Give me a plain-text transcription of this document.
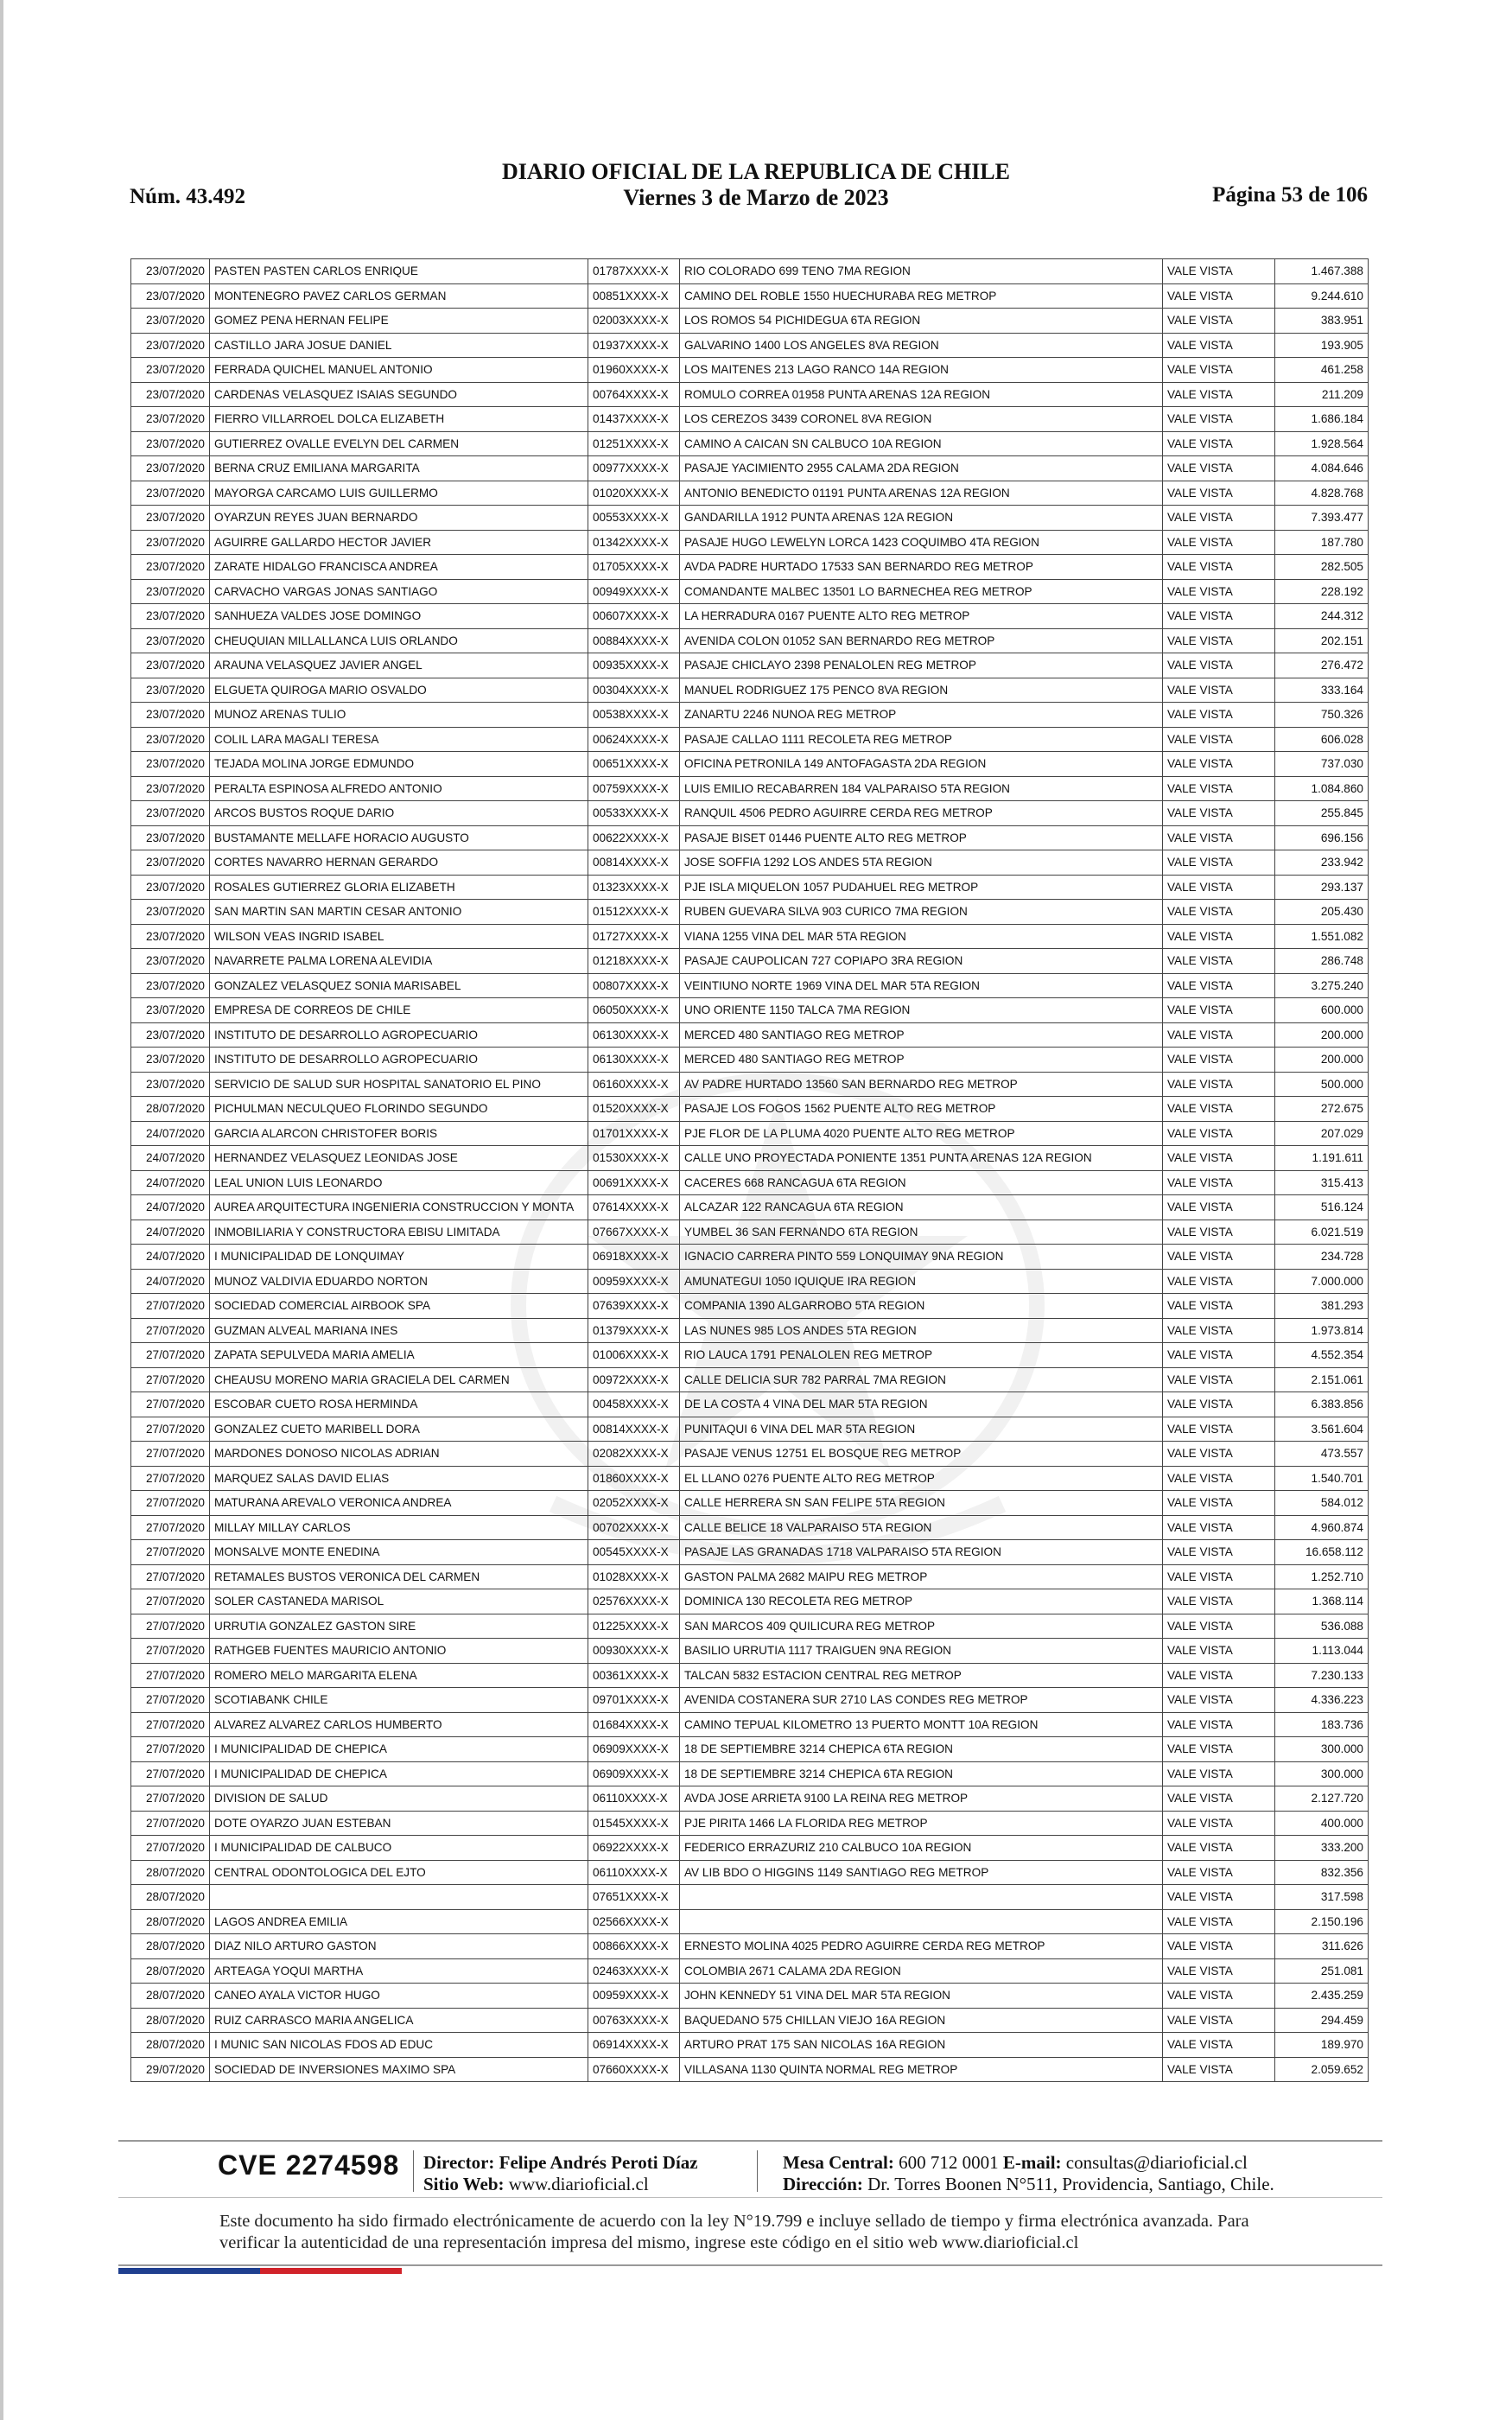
DIARIO OFICIAL DE LA REPUBLICA DE CHILE
Núm. 43.492	Viernes 3 de Marzo de 2023	Página 53 de 106
23/07/2020	PASTEN PASTEN CARLOS ENRIQUE	01787XXXX-X	RIO COLORADO 699 TENO 7MA REGION	VALE VISTA	1.467.388
23/07/2020	MONTENEGRO PAVEZ CARLOS GERMAN	00851XXXX-X	CAMINO DEL ROBLE 1550 HUECHURABA REG METROP	VALE VISTA	9.244.610
23/07/2020	GOMEZ PENA HERNAN FELIPE	02003XXXX-X	LOS ROMOS 54 PICHIDEGUA 6TA REGION	VALE VISTA	383.951
23/07/2020	CASTILLO JARA JOSUE DANIEL	01937XXXX-X	GALVARINO 1400 LOS ANGELES 8VA REGION	VALE VISTA	193.905
23/07/2020	FERRADA QUICHEL MANUEL ANTONIO	01960XXXX-X	LOS MAITENES 213 LAGO RANCO 14A REGION	VALE VISTA	461.258
23/07/2020	CARDENAS VELASQUEZ ISAIAS SEGUNDO	00764XXXX-X	ROMULO CORREA 01958 PUNTA ARENAS 12A REGION	VALE VISTA	211.209
23/07/2020	FIERRO VILLARROEL DOLCA ELIZABETH	01437XXXX-X	LOS CEREZOS 3439 CORONEL 8VA REGION	VALE VISTA	1.686.184
23/07/2020	GUTIERREZ OVALLE EVELYN DEL CARMEN	01251XXXX-X	CAMINO A CAICAN SN CALBUCO 10A REGION	VALE VISTA	1.928.564
23/07/2020	BERNA CRUZ EMILIANA MARGARITA	00977XXXX-X	PASAJE YACIMIENTO 2955 CALAMA 2DA REGION	VALE VISTA	4.084.646
23/07/2020	MAYORGA CARCAMO LUIS GUILLERMO	01020XXXX-X	ANTONIO BENEDICTO 01191 PUNTA ARENAS 12A REGION	VALE VISTA	4.828.768
23/07/2020	OYARZUN REYES JUAN BERNARDO	00553XXXX-X	GANDARILLA 1912 PUNTA ARENAS 12A REGION	VALE VISTA	7.393.477
23/07/2020	AGUIRRE GALLARDO HECTOR JAVIER	01342XXXX-X	PASAJE HUGO LEWELYN LORCA 1423 COQUIMBO 4TA REGION	VALE VISTA	187.780
23/07/2020	ZARATE HIDALGO FRANCISCA ANDREA	01705XXXX-X	AVDA PADRE HURTADO 17533 SAN BERNARDO REG METROP	VALE VISTA	282.505
23/07/2020	CARVACHO VARGAS JONAS SANTIAGO	00949XXXX-X	COMANDANTE MALBEC 13501 LO BARNECHEA REG METROP	VALE VISTA	228.192
23/07/2020	SANHUEZA VALDES JOSE DOMINGO	00607XXXX-X	LA HERRADURA 0167 PUENTE ALTO REG METROP	VALE VISTA	244.312
23/07/2020	CHEUQUIAN MILLALLANCA LUIS ORLANDO	00884XXXX-X	AVENIDA COLON 01052 SAN BERNARDO REG METROP	VALE VISTA	202.151
23/07/2020	ARAUNA VELASQUEZ JAVIER ANGEL	00935XXXX-X	PASAJE CHICLAYO 2398 PENALOLEN REG METROP	VALE VISTA	276.472
23/07/2020	ELGUETA QUIROGA MARIO OSVALDO	00304XXXX-X	MANUEL RODRIGUEZ 175 PENCO 8VA REGION	VALE VISTA	333.164
23/07/2020	MUNOZ ARENAS TULIO	00538XXXX-X	ZANARTU 2246 NUNOA REG METROP	VALE VISTA	750.326
23/07/2020	COLIL LARA MAGALI TERESA	00624XXXX-X	PASAJE CALLAO 1111 RECOLETA REG METROP	VALE VISTA	606.028
23/07/2020	TEJADA MOLINA JORGE EDMUNDO	00651XXXX-X	OFICINA PETRONILA 149 ANTOFAGASTA 2DA REGION	VALE VISTA	737.030
23/07/2020	PERALTA ESPINOSA ALFREDO ANTONIO	00759XXXX-X	LUIS EMILIO RECABARREN 184 VALPARAISO 5TA REGION	VALE VISTA	1.084.860
23/07/2020	ARCOS BUSTOS ROQUE DARIO	00533XXXX-X	RANQUIL 4506 PEDRO AGUIRRE CERDA REG METROP	VALE VISTA	255.845
23/07/2020	BUSTAMANTE MELLAFE HORACIO AUGUSTO	00622XXXX-X	PASAJE BISET 01446 PUENTE ALTO REG METROP	VALE VISTA	696.156
23/07/2020	CORTES NAVARRO HERNAN GERARDO	00814XXXX-X	JOSE SOFFIA 1292 LOS ANDES 5TA REGION	VALE VISTA	233.942
23/07/2020	ROSALES GUTIERREZ GLORIA ELIZABETH	01323XXXX-X	PJE ISLA MIQUELON 1057 PUDAHUEL REG METROP	VALE VISTA	293.137
23/07/2020	SAN MARTIN SAN MARTIN CESAR ANTONIO	01512XXXX-X	RUBEN GUEVARA SILVA 903 CURICO 7MA REGION	VALE VISTA	205.430
23/07/2020	WILSON VEAS INGRID ISABEL	01727XXXX-X	VIANA 1255 VINA DEL MAR 5TA REGION	VALE VISTA	1.551.082
23/07/2020	NAVARRETE PALMA LORENA ALEVIDIA	01218XXXX-X	PASAJE CAUPOLICAN 727 COPIAPO 3RA REGION	VALE VISTA	286.748
23/07/2020	GONZALEZ VELASQUEZ SONIA MARISABEL	00807XXXX-X	VEINTIUNO NORTE 1969 VINA DEL MAR 5TA REGION	VALE VISTA	3.275.240
23/07/2020	EMPRESA DE CORREOS DE CHILE	06050XXXX-X	UNO ORIENTE 1150 TALCA 7MA REGION	VALE VISTA	600.000
23/07/2020	INSTITUTO DE DESARROLLO AGROPECUARIO	06130XXXX-X	MERCED 480 SANTIAGO REG METROP	VALE VISTA	200.000
23/07/2020	INSTITUTO DE DESARROLLO AGROPECUARIO	06130XXXX-X	MERCED 480 SANTIAGO REG METROP	VALE VISTA	200.000
23/07/2020	SERVICIO DE SALUD SUR HOSPITAL SANATORIO EL PINO	06160XXXX-X	AV PADRE HURTADO 13560 SAN BERNARDO REG METROP	VALE VISTA	500.000
28/07/2020	PICHULMAN NECULQUEO FLORINDO SEGUNDO	01520XXXX-X	PASAJE LOS FOGOS 1562 PUENTE ALTO REG METROP	VALE VISTA	272.675
24/07/2020	GARCIA ALARCON CHRISTOFER BORIS	01701XXXX-X	PJE FLOR DE LA PLUMA 4020 PUENTE ALTO REG METROP	VALE VISTA	207.029
24/07/2020	HERNANDEZ VELASQUEZ LEONIDAS JOSE	01530XXXX-X	CALLE UNO PROYECTADA PONIENTE 1351 PUNTA ARENAS 12A REGION	VALE VISTA	1.191.611
24/07/2020	LEAL UNION LUIS LEONARDO	00691XXXX-X	CACERES 668 RANCAGUA 6TA REGION	VALE VISTA	315.413
24/07/2020	AUREA ARQUITECTURA INGENIERIA CONSTRUCCION Y MONTA	07614XXXX-X	ALCAZAR 122 RANCAGUA 6TA REGION	VALE VISTA	516.124
24/07/2020	INMOBILIARIA Y CONSTRUCTORA EBISU LIMITADA	07667XXXX-X	YUMBEL 36 SAN FERNANDO 6TA REGION	VALE VISTA	6.021.519
24/07/2020	I MUNICIPALIDAD DE LONQUIMAY	06918XXXX-X	IGNACIO CARRERA PINTO 559 LONQUIMAY 9NA REGION	VALE VISTA	234.728
24/07/2020	MUNOZ VALDIVIA EDUARDO NORTON	00959XXXX-X	AMUNATEGUI 1050 IQUIQUE IRA REGION	VALE VISTA	7.000.000
27/07/2020	SOCIEDAD COMERCIAL AIRBOOK SPA	07639XXXX-X	COMPANIA 1390 ALGARROBO 5TA REGION	VALE VISTA	381.293
27/07/2020	GUZMAN ALVEAL MARIANA INES	01379XXXX-X	LAS NUNES 985 LOS ANDES 5TA REGION	VALE VISTA	1.973.814
27/07/2020	ZAPATA SEPULVEDA MARIA AMELIA	01006XXXX-X	RIO LAUCA 1791 PENALOLEN REG METROP	VALE VISTA	4.552.354
27/07/2020	CHEAUSU MORENO MARIA GRACIELA DEL CARMEN	00972XXXX-X	CALLE DELICIA SUR 782 PARRAL 7MA REGION	VALE VISTA	2.151.061
27/07/2020	ESCOBAR CUETO ROSA HERMINDA	00458XXXX-X	DE LA COSTA 4 VINA DEL MAR 5TA REGION	VALE VISTA	6.383.856
27/07/2020	GONZALEZ CUETO MARIBELL DORA	00814XXXX-X	PUNITAQUI 6 VINA DEL MAR 5TA REGION	VALE VISTA	3.561.604
27/07/2020	MARDONES DONOSO NICOLAS ADRIAN	02082XXXX-X	PASAJE VENUS 12751 EL BOSQUE REG METROP	VALE VISTA	473.557
27/07/2020	MARQUEZ SALAS DAVID ELIAS	01860XXXX-X	EL LLANO 0276 PUENTE ALTO REG METROP	VALE VISTA	1.540.701
27/07/2020	MATURANA AREVALO VERONICA ANDREA	02052XXXX-X	CALLE HERRERA SN SAN FELIPE 5TA REGION	VALE VISTA	584.012
27/07/2020	MILLAY MILLAY CARLOS	00702XXXX-X	CALLE BELICE 18 VALPARAISO 5TA REGION	VALE VISTA	4.960.874
27/07/2020	MONSALVE MONTE ENEDINA	00545XXXX-X	PASAJE LAS GRANADAS 1718 VALPARAISO 5TA REGION	VALE VISTA	16.658.112
27/07/2020	RETAMALES BUSTOS VERONICA DEL CARMEN	01028XXXX-X	GASTON PALMA 2682 MAIPU REG METROP	VALE VISTA	1.252.710
27/07/2020	SOLER CASTANEDA MARISOL	02576XXXX-X	DOMINICA 130 RECOLETA REG METROP	VALE VISTA	1.368.114
27/07/2020	URRUTIA GONZALEZ GASTON SIRE	01225XXXX-X	SAN MARCOS 409 QUILICURA REG METROP	VALE VISTA	536.088
27/07/2020	RATHGEB FUENTES MAURICIO ANTONIO	00930XXXX-X	BASILIO URRUTIA 1117 TRAIGUEN 9NA REGION	VALE VISTA	1.113.044
27/07/2020	ROMERO MELO MARGARITA ELENA	00361XXXX-X	TALCAN 5832 ESTACION CENTRAL REG METROP	VALE VISTA	7.230.133
27/07/2020	SCOTIABANK CHILE	09701XXXX-X	AVENIDA COSTANERA SUR 2710 LAS CONDES REG METROP	VALE VISTA	4.336.223
27/07/2020	ALVAREZ ALVAREZ CARLOS HUMBERTO	01684XXXX-X	CAMINO TEPUAL KILOMETRO 13 PUERTO MONTT 10A REGION	VALE VISTA	183.736
27/07/2020	I MUNICIPALIDAD DE CHEPICA	06909XXXX-X	18 DE SEPTIEMBRE 3214 CHEPICA 6TA REGION	VALE VISTA	300.000
27/07/2020	I MUNICIPALIDAD DE CHEPICA	06909XXXX-X	18 DE SEPTIEMBRE 3214 CHEPICA 6TA REGION	VALE VISTA	300.000
27/07/2020	DIVISION DE SALUD	06110XXXX-X	AVDA JOSE ARRIETA 9100 LA REINA REG METROP	VALE VISTA	2.127.720
27/07/2020	DOTE OYARZO JUAN ESTEBAN	01545XXXX-X	PJE PIRITA 1466 LA FLORIDA REG METROP	VALE VISTA	400.000
27/07/2020	I MUNICIPALIDAD DE CALBUCO	06922XXXX-X	FEDERICO ERRAZURIZ 210 CALBUCO 10A REGION	VALE VISTA	333.200
28/07/2020	CENTRAL ODONTOLOGICA DEL EJTO	06110XXXX-X	AV LIB BDO O HIGGINS 1149 SANTIAGO REG METROP	VALE VISTA	832.356
28/07/2020		07651XXXX-X		VALE VISTA	317.598
28/07/2020	LAGOS ANDREA EMILIA	02566XXXX-X		VALE VISTA	2.150.196
28/07/2020	DIAZ NILO ARTURO GASTON	00866XXXX-X	ERNESTO MOLINA 4025 PEDRO AGUIRRE CERDA REG METROP	VALE VISTA	311.626
28/07/2020	ARTEAGA YOQUI MARTHA	02463XXXX-X	COLOMBIA 2671 CALAMA 2DA REGION	VALE VISTA	251.081
28/07/2020	CANEO AYALA VICTOR HUGO	00959XXXX-X	JOHN KENNEDY 51 VINA DEL MAR 5TA REGION	VALE VISTA	2.435.259
28/07/2020	RUIZ CARRASCO MARIA ANGELICA	00763XXXX-X	BAQUEDANO 575 CHILLAN VIEJO 16A REGION	VALE VISTA	294.459
28/07/2020	I MUNIC SAN NICOLAS FDOS AD EDUC	06914XXXX-X	ARTURO PRAT 175 SAN NICOLAS 16A REGION	VALE VISTA	189.970
29/07/2020	SOCIEDAD DE INVERSIONES MAXIMO SPA	07660XXXX-X	VILLASANA 1130 QUINTA NORMAL REG METROP	VALE VISTA	2.059.652
CVE 2274598 Director: Felipe Andrés Peroti Díaz
Sitio Web: www.diarioficial.cl
Mesa Central: 600 712 0001 E-mail: consultas@diarioficial.cl
Dirección: Dr. Torres Boonen N°511, Providencia, Santiago, Chile.
Este documento ha sido firmado electrónicamente de acuerdo con la ley N°19.799 e incluye sellado de tiempo y firma electrónica avanzada. Para verificar la autenticidad de una representación impresa del mismo, ingrese este código en el sitio web www.diarioficial.cl
